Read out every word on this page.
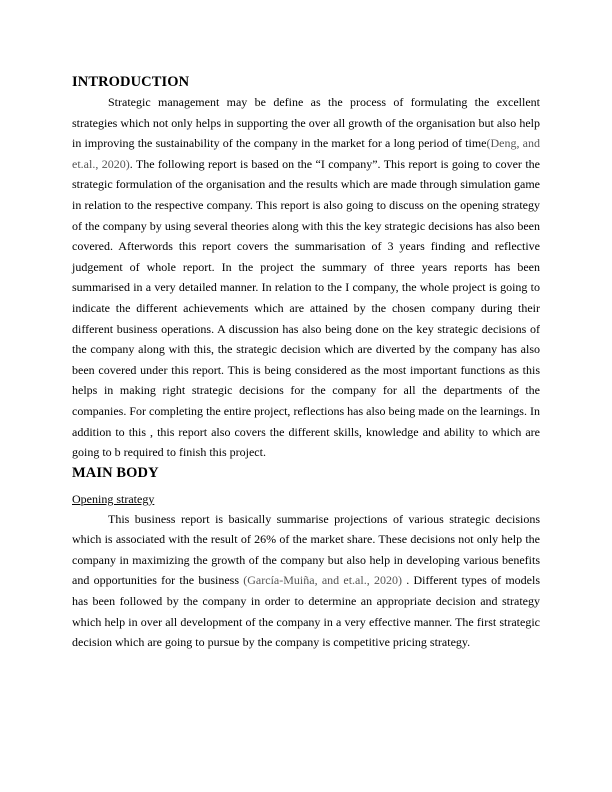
INTRODUCTION

Strategic management may be define as the process of formulating the excellent strategies which not only helps in supporting the over all growth of the organisation but also help in improving the sustainability of the company in the market for a long period of time(Deng, and et.al., 2020). The following report is based on the “I company”. This report is going to cover the strategic formulation of the organisation and the results which are made through simulation game in relation to the respective company. This report is also going to discuss on the opening strategy of the company by using several theories along with this the key strategic decisions has also been covered. Afterwords this report covers the summarisation of 3 years finding and reflective judgement of whole report. In the project the summary of three years reports has been summarised in a very detailed manner. In relation to the I company, the whole project is going to indicate the different achievements which are attained by the chosen company during their different business operations. A discussion has also being done on the key strategic decisions of the company along with this, the strategic decision which are diverted by the company has also been covered under this report. This is being considered as the most important functions as this helps in making right strategic decisions for the company for all the departments of the companies. For completing the entire project, reflections has also being made on the learnings. In addition to this , this report also covers the different skills, knowledge and ability to which are going to b required to finish this project.

MAIN BODY
Opening strategy

This business report is basically summarise projections of various strategic decisions which is associated with the result of 26% of the market share. These decisions not only help the company in maximizing the growth of the company but also help in developing various benefits and opportunities for the business (García-Muiña, and et.al., 2020) . Different types of models has been followed by the company in order to determine an appropriate decision and strategy which help in over all development of the company in a very effective manner. The first strategic decision which are going to pursue by the company is competitive pricing strategy.
